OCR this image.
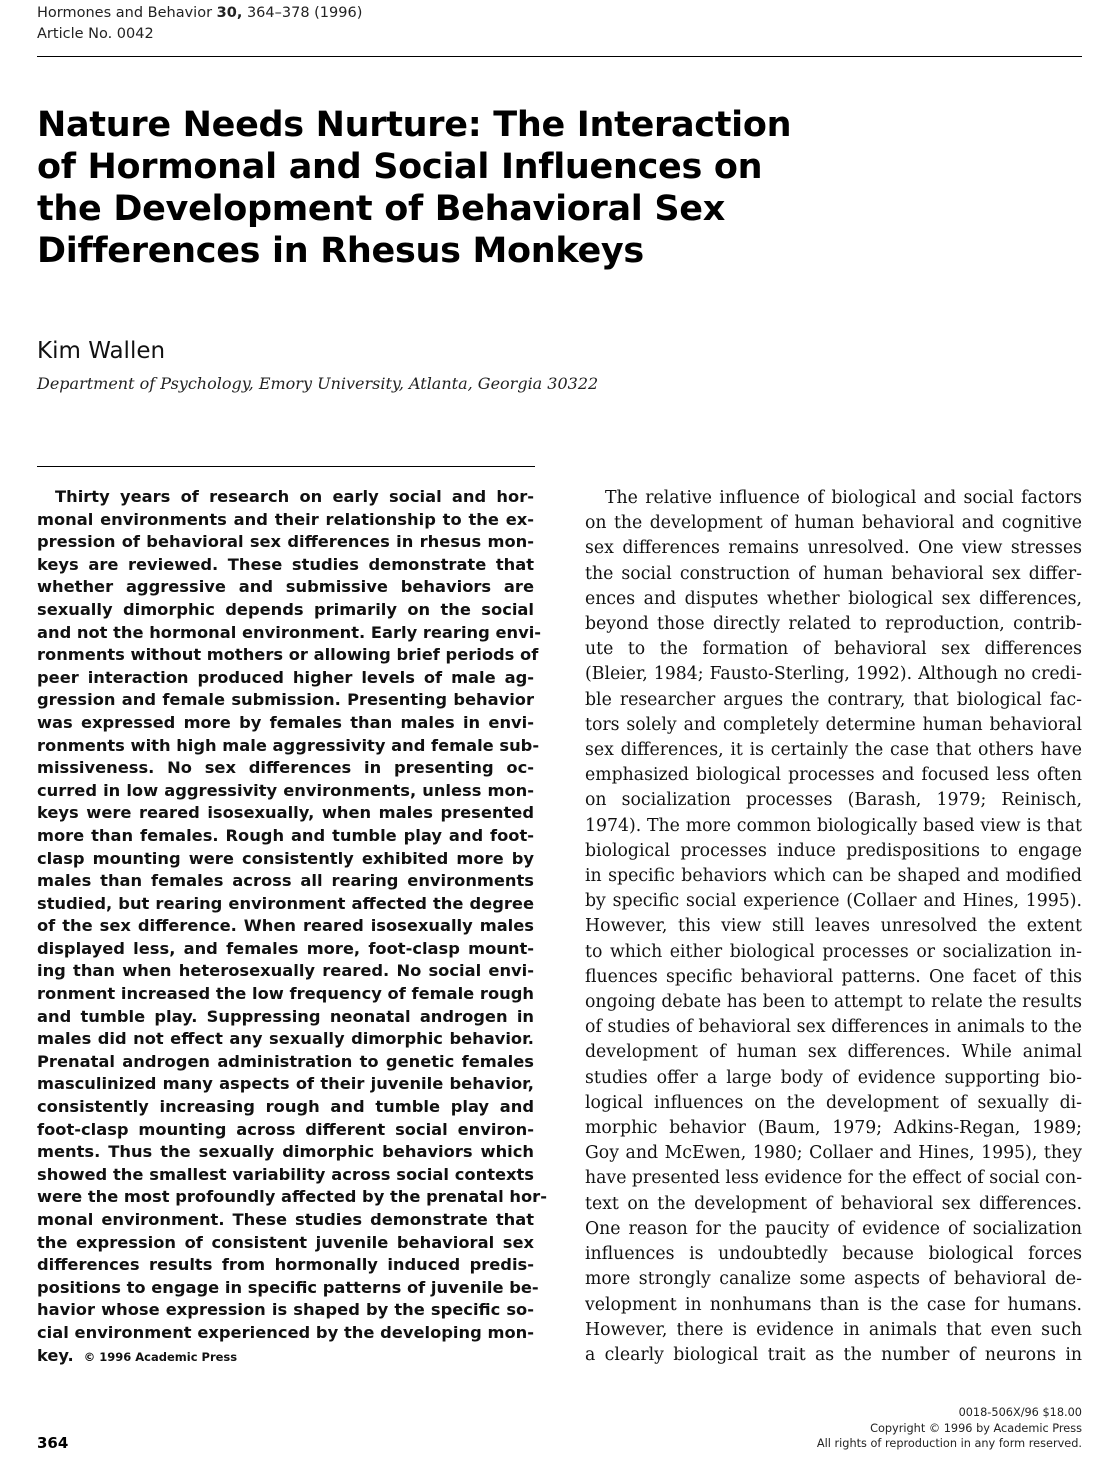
Hormones and Behavior 30, 364–378 (1996)
Article No. 0042
Nature Needs Nurture: The Interaction
of Hormonal and Social Influences on
the Development of Behavioral Sex
Differences in Rhesus Monkeys
Kim Wallen
Department of Psychology, Emory University, Atlanta, Georgia 30322
Thirty years of research on early social and hor-
monal environments and their relationship to the ex-
pression of behavioral sex differences in rhesus mon-
keys are reviewed. These studies demonstrate that
whether aggressive and submissive behaviors are
sexually dimorphic depends primarily on the social
and not the hormonal environment. Early rearing envi-
ronments without mothers or allowing brief periods of
peer interaction produced higher levels of male ag-
gression and female submission. Presenting behavior
was expressed more by females than males in envi-
ronments with high male aggressivity and female sub-
missiveness. No sex differences in presenting oc-
curred in low aggressivity environments, unless mon-
keys were reared isosexually, when males presented
more than females. Rough and tumble play and foot-
clasp mounting were consistently exhibited more by
males than females across all rearing environments
studied, but rearing environment affected the degree
of the sex difference. When reared isosexually males
displayed less, and females more, foot-clasp mount-
ing than when heterosexually reared. No social envi-
ronment increased the low frequency of female rough
and tumble play. Suppressing neonatal androgen in
males did not effect any sexually dimorphic behavior.
Prenatal androgen administration to genetic females
masculinized many aspects of their juvenile behavior,
consistently increasing rough and tumble play and
foot-clasp mounting across different social environ-
ments. Thus the sexually dimorphic behaviors which
showed the smallest variability across social contexts
were the most profoundly affected by the prenatal hor-
monal environment. These studies demonstrate that
the expression of consistent juvenile behavioral sex
differences results from hormonally induced predis-
positions to engage in specific patterns of juvenile be-
havior whose expression is shaped by the specific so-
cial environment experienced by the developing mon-
key. © 1996 Academic Press
The relative influence of biological and social factors
on the development of human behavioral and cognitive
sex differences remains unresolved. One view stresses
the social construction of human behavioral sex differ-
ences and disputes whether biological sex differences,
beyond those directly related to reproduction, contrib-
ute to the formation of behavioral sex differences
(Bleier, 1984; Fausto-Sterling, 1992). Although no credi-
ble researcher argues the contrary, that biological fac-
tors solely and completely determine human behavioral
sex differences, it is certainly the case that others have
emphasized biological processes and focused less often
on socialization processes (Barash, 1979; Reinisch,
1974). The more common biologically based view is that
biological processes induce predispositions to engage
in specific behaviors which can be shaped and modified
by specific social experience (Collaer and Hines, 1995).
However, this view still leaves unresolved the extent
to which either biological processes or socialization in-
fluences specific behavioral patterns. One facet of this
ongoing debate has been to attempt to relate the results
of studies of behavioral sex differences in animals to the
development of human sex differences. While animal
studies offer a large body of evidence supporting bio-
logical influences on the development of sexually di-
morphic behavior (Baum, 1979; Adkins-Regan, 1989;
Goy and McEwen, 1980; Collaer and Hines, 1995), they
have presented less evidence for the effect of social con-
text on the development of behavioral sex differences.
One reason for the paucity of evidence of socialization
influences is undoubtedly because biological forces
more strongly canalize some aspects of behavioral de-
velopment in nonhumans than is the case for humans.
However, there is evidence in animals that even such
a clearly biological trait as the number of neurons in
0018-506X/96 $18.00
Copyright © 1996 by Academic Press
All rights of reproduction in any form reserved.
364
